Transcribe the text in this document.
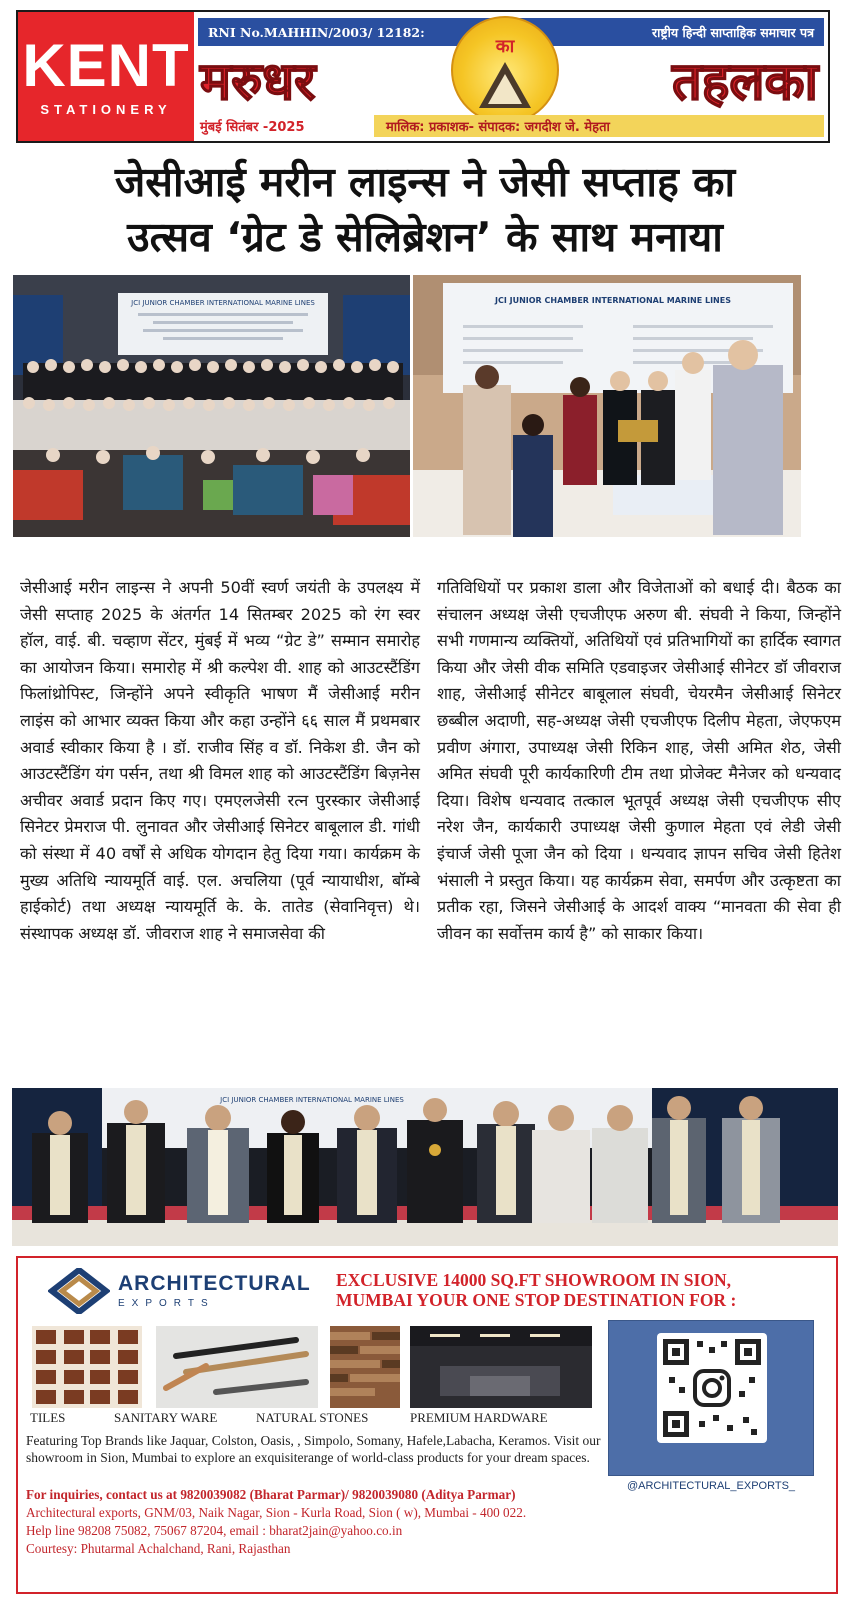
KENT
STATIONERY
RNI No.MAHHIN/2003/ 12182:	राष्ट्रीय हिन्दी साप्ताहिक समाचार पत्र
मरुधर	तहलका
का
मुंबई सितंबर -2025	मालिक: प्रकाशक- संपादक: जगदीश जे. मेहता
जेसीआई मरीन लाइन्स ने जेसी सप्ताह का
उत्सव ‘ग्रेट डे सेलिब्रेशन’ के साथ मनाया
JCI JUNIOR CHAMBER INTERNATIONAL MARINE LINES	JCI JUNIOR CHAMBER INTERNATIONAL MARINE LINES
जेसीआई मरीन लाइन्स ने अपनी 50वीं स्वर्ण जयंती के उपलक्ष्य में जेसी सप्ताह 2025 के अंतर्गत 14 सितम्बर 2025 को रंग स्वर हॉल, वाई. बी. चव्हाण सेंटर, मुंबई में भव्य “ग्रेट डे” सम्मान समारोह का आयोजन किया। समारोह में श्री कल्पेश वी. शाह को आउटस्टैंडिंग फिलांथ्रोपिस्ट, जिन्होंने अपने स्वीकृति भाषण मैं जेसीआई मरीन लाइंस को आभार व्यक्त किया और कहा उन्होंने ६६ साल मैं प्रथमबार अवार्ड स्वीकार किया है । डॉ. राजीव सिंह व डॉ. निकेश डी. जैन को आउटस्टैंडिंग यंग पर्सन, तथा श्री विमल शाह को आउटस्टैंडिंग बिज़नेस अचीवर अवार्ड प्रदान किए गए। एमएलजेसी रत्न पुरस्कार जेसीआई सिनेटर प्रेमराज पी. लुनावत और जेसीआई सिनेटर बाबूलाल डी. गांधी को संस्था में 40 वर्षों से अधिक योगदान हेतु दिया गया। कार्यक्रम के मुख्य अतिथि न्यायमूर्ति वाई. एल. अचलिया (पूर्व न्यायाधीश, बॉम्बे हाईकोर्ट) तथा अध्यक्ष न्यायमूर्ति के. के. तातेड (सेवानिवृत्त) थे। संस्थापक अध्यक्ष डॉ. जीवराज शाह ने समाजसेवा की
गतिविधियों पर प्रकाश डाला और विजेताओं को बधाई दी। बैठक का संचालन अध्यक्ष जेसी एचजीएफ अरुण बी. संघवी ने किया, जिन्होंने सभी गणमान्य व्यक्तियों, अतिथियों एवं प्रतिभागियों का हार्दिक स्वागत किया और जेसी वीक समिति एडवाइजर जेसीआई सीनेटर डॉ जीवराज शाह, जेसीआई सीनेटर बाबूलाल संघवी, चेयरमैन जेसीआई सिनेटर छब्बील अदाणी, सह-अध्यक्ष जेसी एचजीएफ दिलीप मेहता, जेएफएम प्रवीण अंगारा, उपाध्यक्ष जेसी रिकिन शाह, जेसी अमित शेठ, जेसी अमित संघवी पूरी कार्यकारिणी टीम तथा प्रोजेक्ट मैनेजर को धन्यवाद दिया। विशेष धन्यवाद तत्काल भूतपूर्व अध्यक्ष जेसी एचजीएफ सीए नरेश जैन, कार्यकारी उपाध्यक्ष जेसी कुणाल मेहता एवं लेडी जेसी इंचार्ज जेसी पूजा जैन को दिया । धन्यवाद ज्ञापन सचिव जेसी हितेश भंसाली ने प्रस्तुत किया। यह कार्यक्रम सेवा, समर्पण और उत्कृष्टता का प्रतीक रहा, जिसने जेसीआई के आदर्श वाक्य “मानवता की सेवा ही जीवन का सर्वोत्तम कार्य है” को साकार किया।
JCI JUNIOR CHAMBER INTERNATIONAL MARINE LINES
ARCHITECTURAL
EXPORTS
EXCLUSIVE 14000 SQ.FT SHOWROOM IN SION,
MUMBAI YOUR ONE STOP DESTINATION FOR :
TILES	SANITARY WARE	NATURAL STONES	PREMIUM HARDWARE
Featuring Top Brands like Jaquar, Colston, Oasis, , Simpolo, Somany, Hafele,Labacha, Keramos. Visit our showroom in Sion, Mumbai to explore an exquisiterange of world-class products for your dream spaces.
@ARCHITECTURAL_EXPORTS_
For inquiries, contact us at 9820039082 (Bharat Parmar)/ 9820039080 (Aditya Parmar)
Architectural exports, GNM/03, Naik Nagar, Sion - Kurla Road, Sion ( w), Mumbai - 400 022.
Help line 98208 75082, 75067 87204, email : bharat2jain@yahoo.co.in
Courtesy: Phutarmal Achalchand, Rani, Rajasthan
